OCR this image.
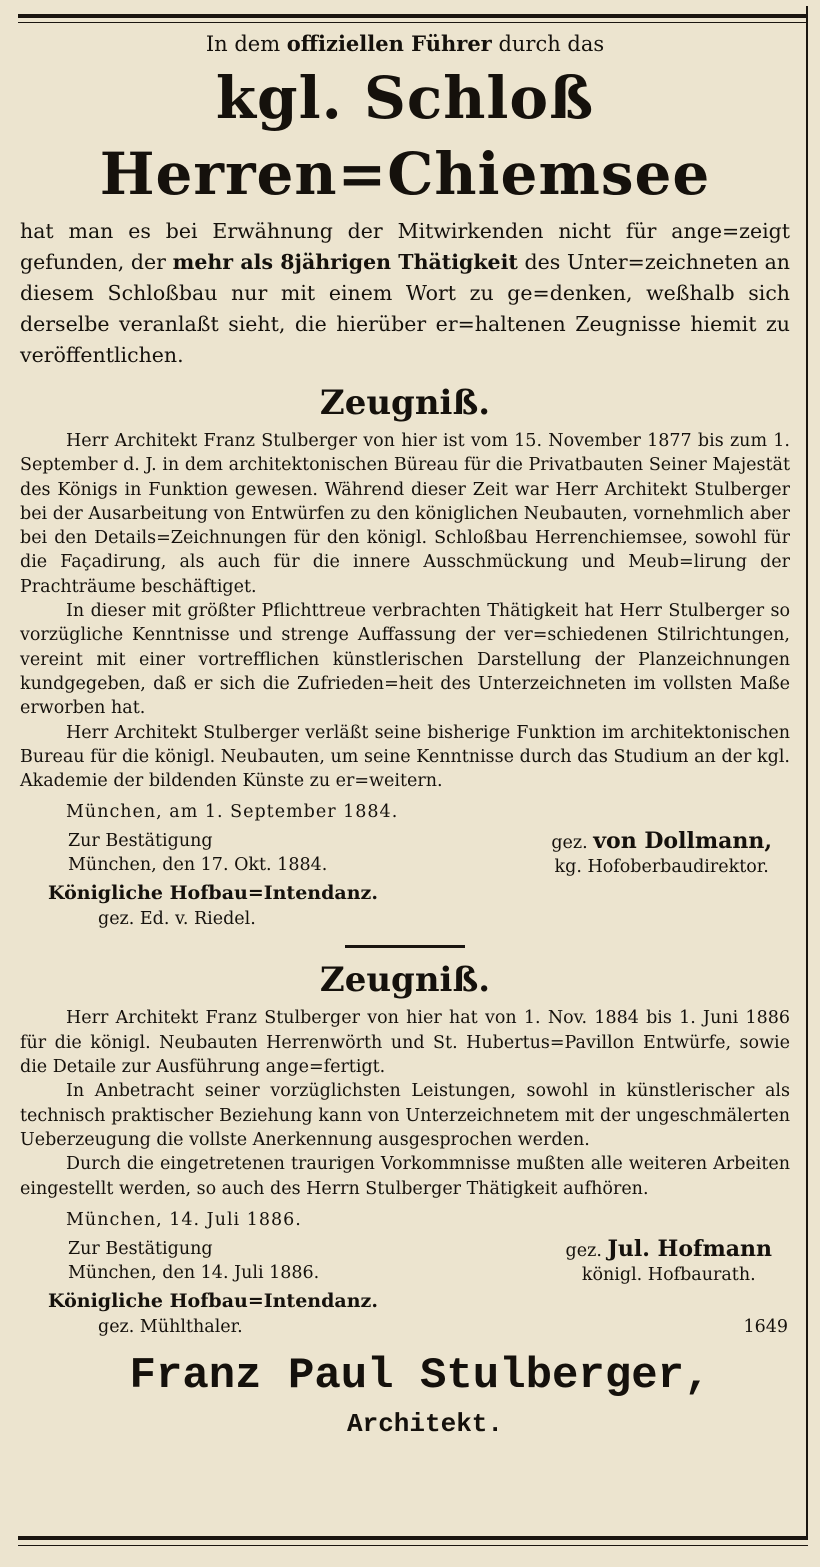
In dem offiziellen Führer durch das

kgl. Schloß Herren=Chiemsee

hat man es bei Erwähnung der Mitwirkenden nicht für ange=zeigt gefunden, der mehr als 8jährigen Thätigkeit des Unter=zeichneten an diesem Schloßbau nur mit einem Wort zu ge=denken, weßhalb sich derselbe veranlaßt sieht, die hierüber er=haltenen Zeugnisse hiemit zu veröffentlichen.

Zeugniß.

Herr Architekt Franz Stulberger von hier ist vom 15. November 1877 bis zum 1. September d. J. in dem architektonischen Büreau für die Privatbauten Seiner Majestät des Königs in Funktion gewesen. Während dieser Zeit war Herr Architekt Stulberger bei der Ausarbeitung von Entwürfen zu den königlichen Neubauten, vornehmlich aber bei den Details=Zeichnungen für den königl. Schloßbau Herrenchiemsee, sowohl für die Façadirung, als auch für die innere Ausschmückung und Meub=lirung der Prachträume beschäftiget.

In dieser mit größter Pflichttreue verbrachten Thätigkeit hat Herr Stulberger so vorzügliche Kenntnisse und strenge Auffassung der ver=schiedenen Stilrichtungen, vereint mit einer vortrefflichen künstlerischen Darstellung der Planzeichnungen kundgegeben, daß er sich die Zufrieden=heit des Unterzeichneten im vollsten Maße erworben hat.

Herr Architekt Stulberger verläßt seine bisherige Funktion im architektonischen Bureau für die königl. Neubauten, um seine Kenntnisse durch das Studium an der kgl. Akademie der bildenden Künste zu er=weitern.

München, am 1. September 1884.
Zur Bestätigung
München, den 17. Okt. 1884.
gez. von Dollmann,
kg. Hofoberbaudirektor.
Königliche Hofbau=Intendanz.
gez. Ed. v. Riedel.
Zeugniß.

Herr Architekt Franz Stulberger von hier hat von 1. Nov. 1884 bis 1. Juni 1886 für die königl. Neubauten Herrenwörth und St. Hubertus=Pavillon Entwürfe, sowie die Detaile zur Ausführung ange=fertigt.

In Anbetracht seiner vorzüglichsten Leistungen, sowohl in künstlerischer als technisch praktischer Beziehung kann von Unterzeichnetem mit der ungeschmälerten Ueberzeugung die vollste Anerkennung ausgesprochen werden.

Durch die eingetretenen traurigen Vorkommnisse mußten alle weiteren Arbeiten eingestellt werden, so auch des Herrn Stulberger Thätigkeit aufhören.

München, 14. Juli 1886.
Zur Bestätigung
München, den 14. Juli 1886.
gez. Jul. Hofmann
königl. Hofbaurath.
Königliche Hofbau=Intendanz.
gez. Mühlthaler.	1649
Franz Paul Stulberger,
Architekt.
